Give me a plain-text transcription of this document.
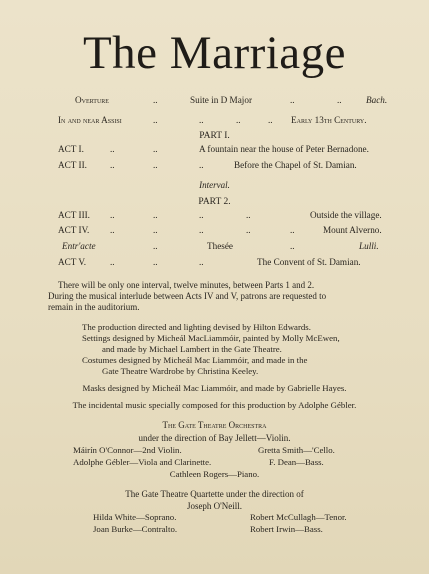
The Marriage
Overture	..	Suite in D Major	..	..	Bach.
In and near Assisi	..	..	..	.. Early 13th Century.
PART I.
ACT I.	..	..	A fountain near the house of Peter Bernadone.
ACT II.	..	..	..	Before the Chapel of St. Damian.
Interval.
PART 2.
ACT III. ..	..	..	..	Outside the village.
ACT IV. ..	..	..	..	..	Mount Alverno.
Entr'acte	..	Thesée	..	Lulli.
ACT V.	..	..	..	The Convent of St. Damian.
There will be only one interval, twelve minutes, between Parts 1 and 2.
During the musical interlude between Acts IV and V, patrons are requested to
remain in the auditorium.
The production directed and lighting devised by Hilton Edwards.
Settings designed by Micheál MacLiammóir, painted by Molly McEwen,
and made by Michael Lambert in the Gate Theatre.
Costumes designed by Micheál Mac Liammóir, and made in the
Gate Theatre Wardrobe by Christina Keeley.
Masks designed by Micheál Mac Liammóir, and made by Gabrielle Hayes.
The incidental music specially composed for this production by Adolphe Gébler.
The Gate Theatre Orchestra
under the direction of Bay Jellett—Violin.
Máirín O'Connor—2nd Violin.	Gretta Smith—'Cello.
Adolphe Gébler—Viola and Clarinette.	F. Dean—Bass.
Cathleen Rogers—Piano.
The Gate Theatre Quartette under the direction of
Joseph O'Neill.
Hilda White—Soprano.	Robert McCullagh—Tenor.
Joan Burke—Contralto.	Robert Irwin—Bass.
